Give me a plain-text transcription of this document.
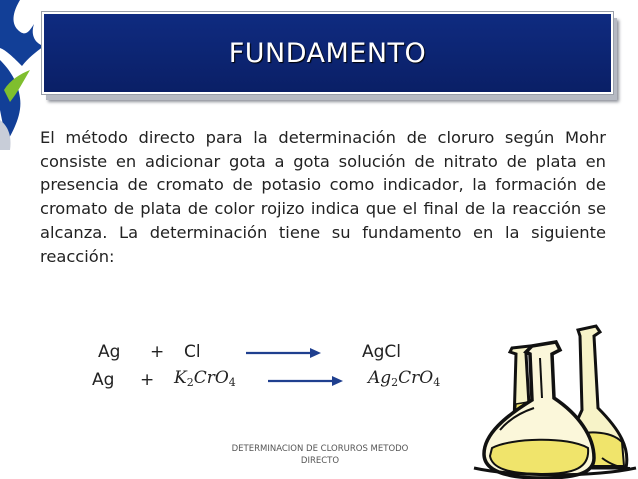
FUNDAMENTO

El método directo para la determinación de cloruro según Mohr consiste en adicionar gota a gota solución de nitrato de plata en presencia de cromato de potasio como indicador, la formación de cromato de plata de color rojizo indica que el final de la reacción se alcanza. La determinación tiene su fundamento en la siguiente reacción:

Ag + Cl	AgCl
$Ag + K_2CrO_4$	$Ag_2CrO_4$
DETERMINACION DE CLORUROS METODO DIRECTO
